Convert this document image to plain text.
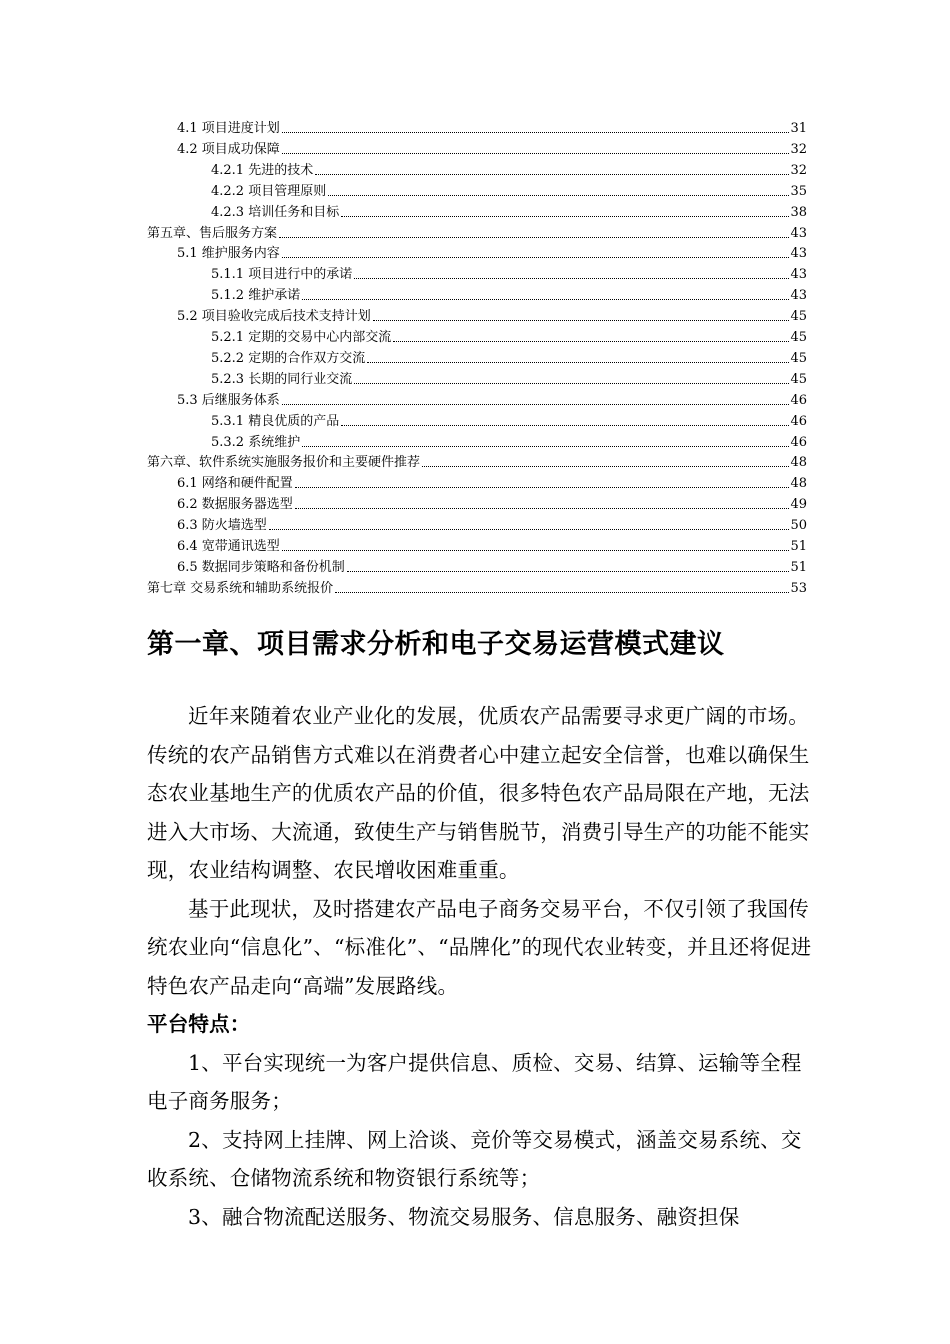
4.1 项目进度计划	31
4.2 项目成功保障	32
4.2.1 先进的技术	32
4.2.2 项目管理原则	35
4.2.3 培训任务和目标	38
第五章、售后服务方案	43
5.1 维护服务内容	43
5.1.1 项目进行中的承诺	43
5.1.2 维护承诺	43
5.2 项目验收完成后技术支持计划	45
5.2.1 定期的交易中心内部交流	45
5.2.2 定期的合作双方交流	45
5.2.3 长期的同行业交流	45
5.3 后继服务体系	46
5.3.1 精良优质的产品	46
5.3.2 系统维护	46
第六章、软件系统实施服务报价和主要硬件推荐	48
6.1 网络和硬件配置	48
6.2 数据服务器选型	49
6.3 防火墙选型	50
6.4 宽带通讯选型	51
6.5 数据同步策略和备份机制	51
第七章 交易系统和辅助系统报价	53
第一章、项目需求分析和电子交易运营模式建议

近年来随着农业产业化的发展，优质农产品需要寻求更广阔的市场。传统的农产品销售方式难以在消费者心中建立起安全信誉，也难以确保生态农业基地生产的优质农产品的价值，很多特色农产品局限在产地，无法进入大市场、大流通，致使生产与销售脱节，消费引导生产的功能不能实现，农业结构调整、农民增收困难重重。

基于此现状，及时搭建农产品电子商务交易平台，不仅引领了我国传统农业向“信息化”、“标准化”、“品牌化”的现代农业转变，并且还将促进特色农产品走向“高端”发展路线。

平台特点：

1、平台实现统一为客户提供信息、质检、交易、结算、运输等全程电子商务服务；

2、支持网上挂牌、网上洽谈、竞价等交易模式，涵盖交易系统、交收系统、仓储物流系统和物资银行系统等；

3、融合物流配送服务、物流交易服务、信息服务、融资担保
